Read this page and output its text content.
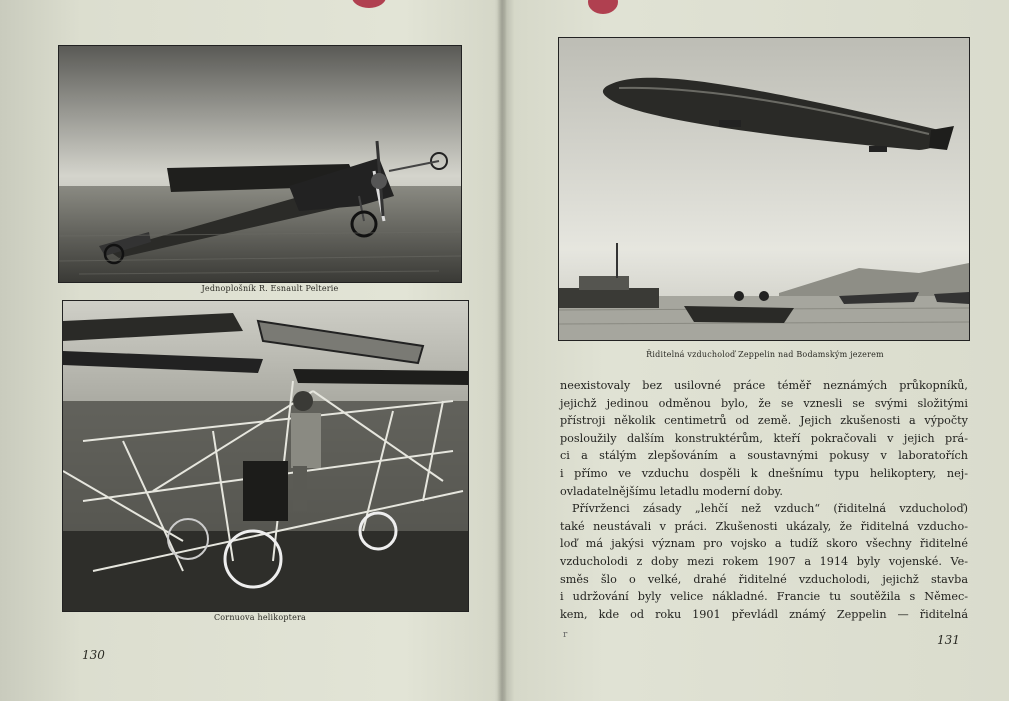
Jednoplošník R. Esnault Pelterie
Cornuova helikoptera
130
Řiditelná vzducholoď Zeppelin nad Bodamským jezerem
r	131
neexistovaly bez usilovné práce téměř neznámých průkopníků,
jejichž jedinou odměnou bylo, že se vznesli se svými složitými
přístroji několik centimetrů od země. Jejich zkušenosti a výpočty
posloužily dalším konstruktérům, kteří pokračovali v jejich prá-
ci a stálým zlepšováním a soustavnými pokusy v laboratořích
i přímo ve vzduchu dospěli k dnešnímu typu helikoptery, nej-
ovladatelnějšímu letadlu moderní doby.
Přívrženci zásady „lehčí než vzduch“ (řiditelná vzducholoď)
také neustávali v práci. Zkušenosti ukázaly, že řiditelná vzducho-
loď má jakýsi význam pro vojsko a tudíž skoro všechny řiditelné
vzducholodi z doby mezi rokem 1907 a 1914 byly vojenské. Ve-
směs šlo o velké, drahé řiditelné vzducholodi, jejichž stavba
i udržování byly velice nákladné. Francie tu soutěžila s Němec-
kem, kde od roku 1901 převládl známý Zeppelin — řiditelná
